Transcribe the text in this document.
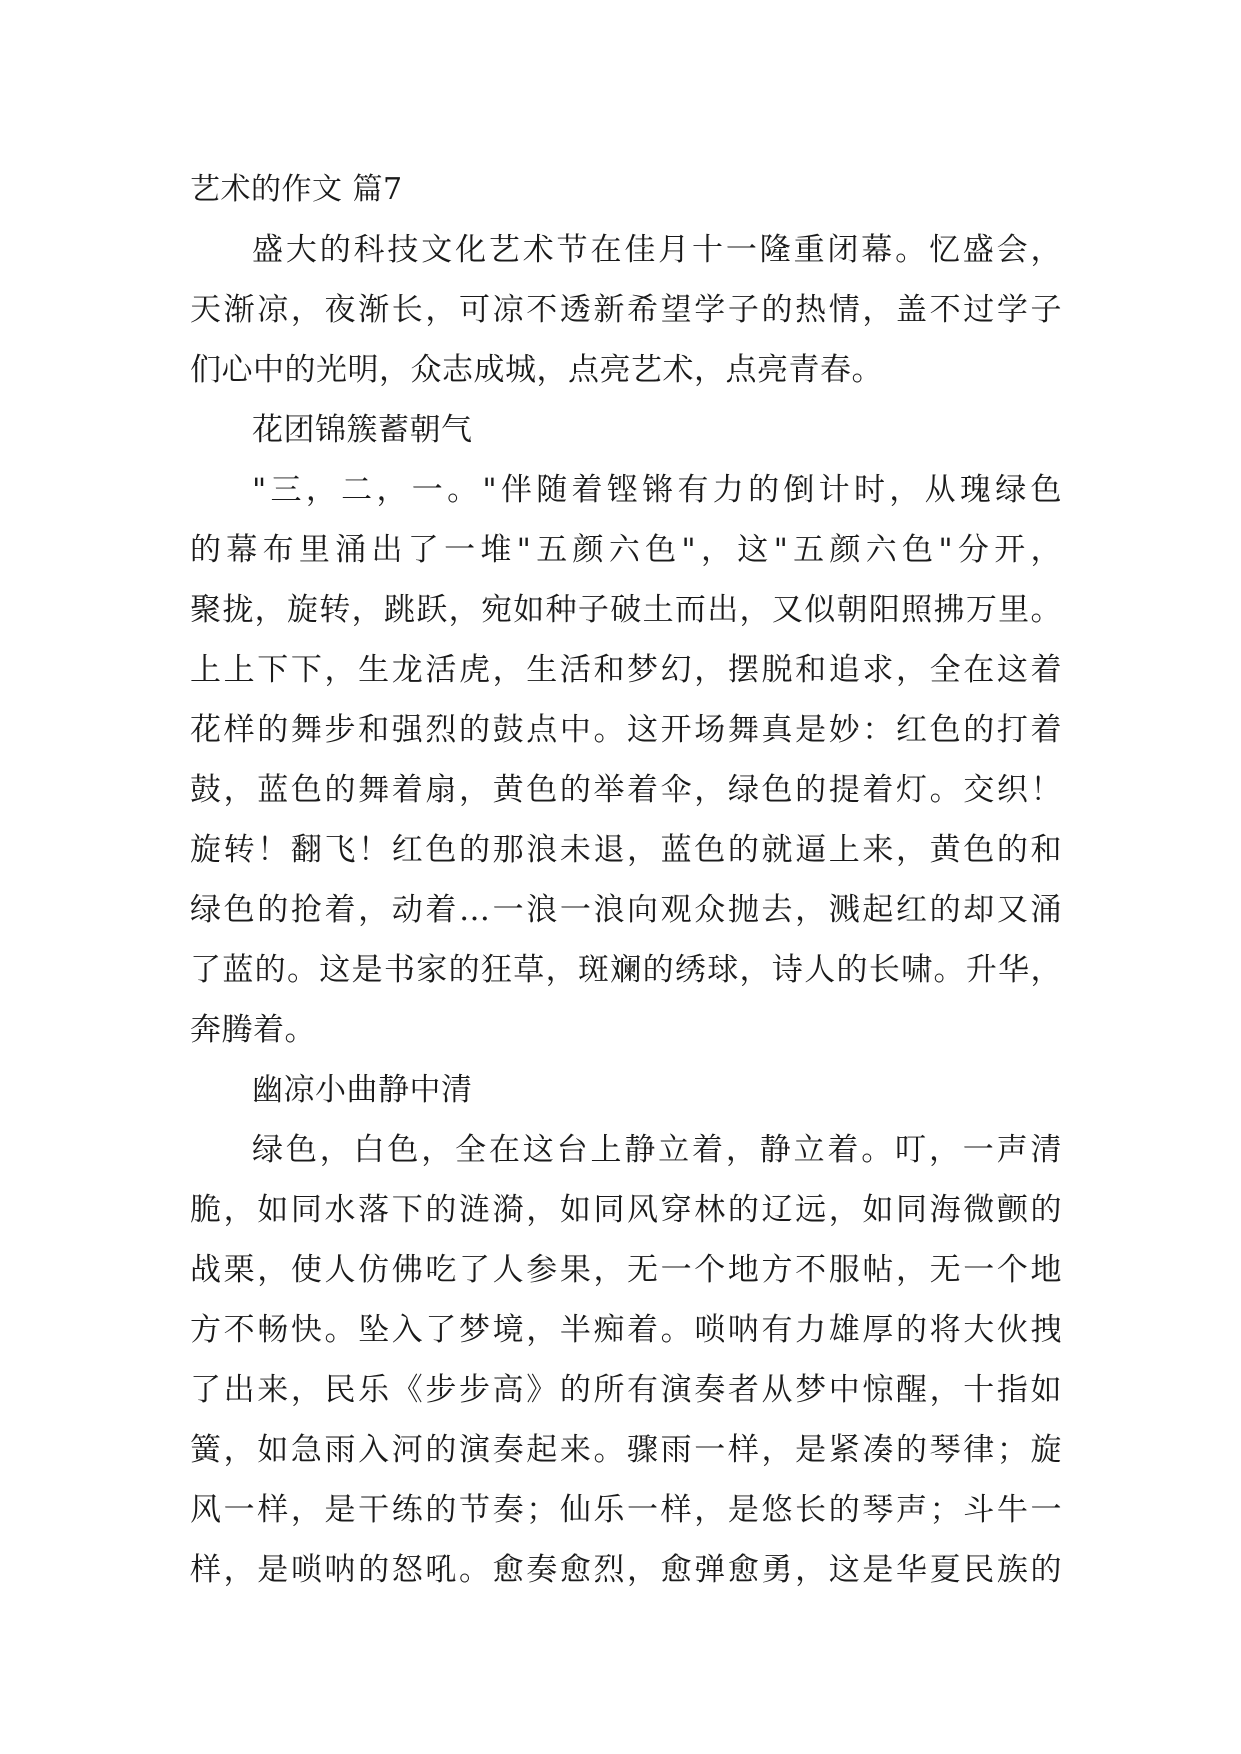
艺术的作文 篇7
盛大的科技文化艺术节在佳月十一隆重闭幕。忆盛会，
天渐凉，夜渐长，可凉不透新希望学子的热情，盖不过学子
们心中的光明，众志成城，点亮艺术，点亮青春。
花团锦簇蓄朝气
"三，二，一。"伴随着铿锵有力的倒计时，从瑰绿色
的幕布里涌出了一堆"五颜六色"，这"五颜六色"分开，
聚拢，旋转，跳跃，宛如种子破土而出，又似朝阳照拂万里。
上上下下，生龙活虎，生活和梦幻，摆脱和追求，全在这着
花样的舞步和强烈的鼓点中。这开场舞真是妙：红色的打着
鼓，蓝色的舞着扇，黄色的举着伞，绿色的提着灯。交织！
旋转！翻飞！红色的那浪未退，蓝色的就逼上来，黄色的和
绿色的抢着，动着…一浪一浪向观众抛去，溅起红的却又涌
了蓝的。这是书家的狂草，斑斓的绣球，诗人的长啸。升华，
奔腾着。
幽凉小曲静中清
绿色，白色，全在这台上静立着，静立着。叮，一声清
脆，如同水落下的涟漪，如同风穿林的辽远，如同海微颤的
战栗，使人仿佛吃了人参果，无一个地方不服帖，无一个地
方不畅快。坠入了梦境，半痴着。唢呐有力雄厚的将大伙拽
了出来，民乐《步步高》的所有演奏者从梦中惊醒，十指如
簧，如急雨入河的演奏起来。骤雨一样，是紧凑的琴律；旋
风一样，是干练的节奏；仙乐一样，是悠长的琴声；斗牛一
样，是唢呐的怒吼。愈奏愈烈，愈弹愈勇，这是华夏民族的
